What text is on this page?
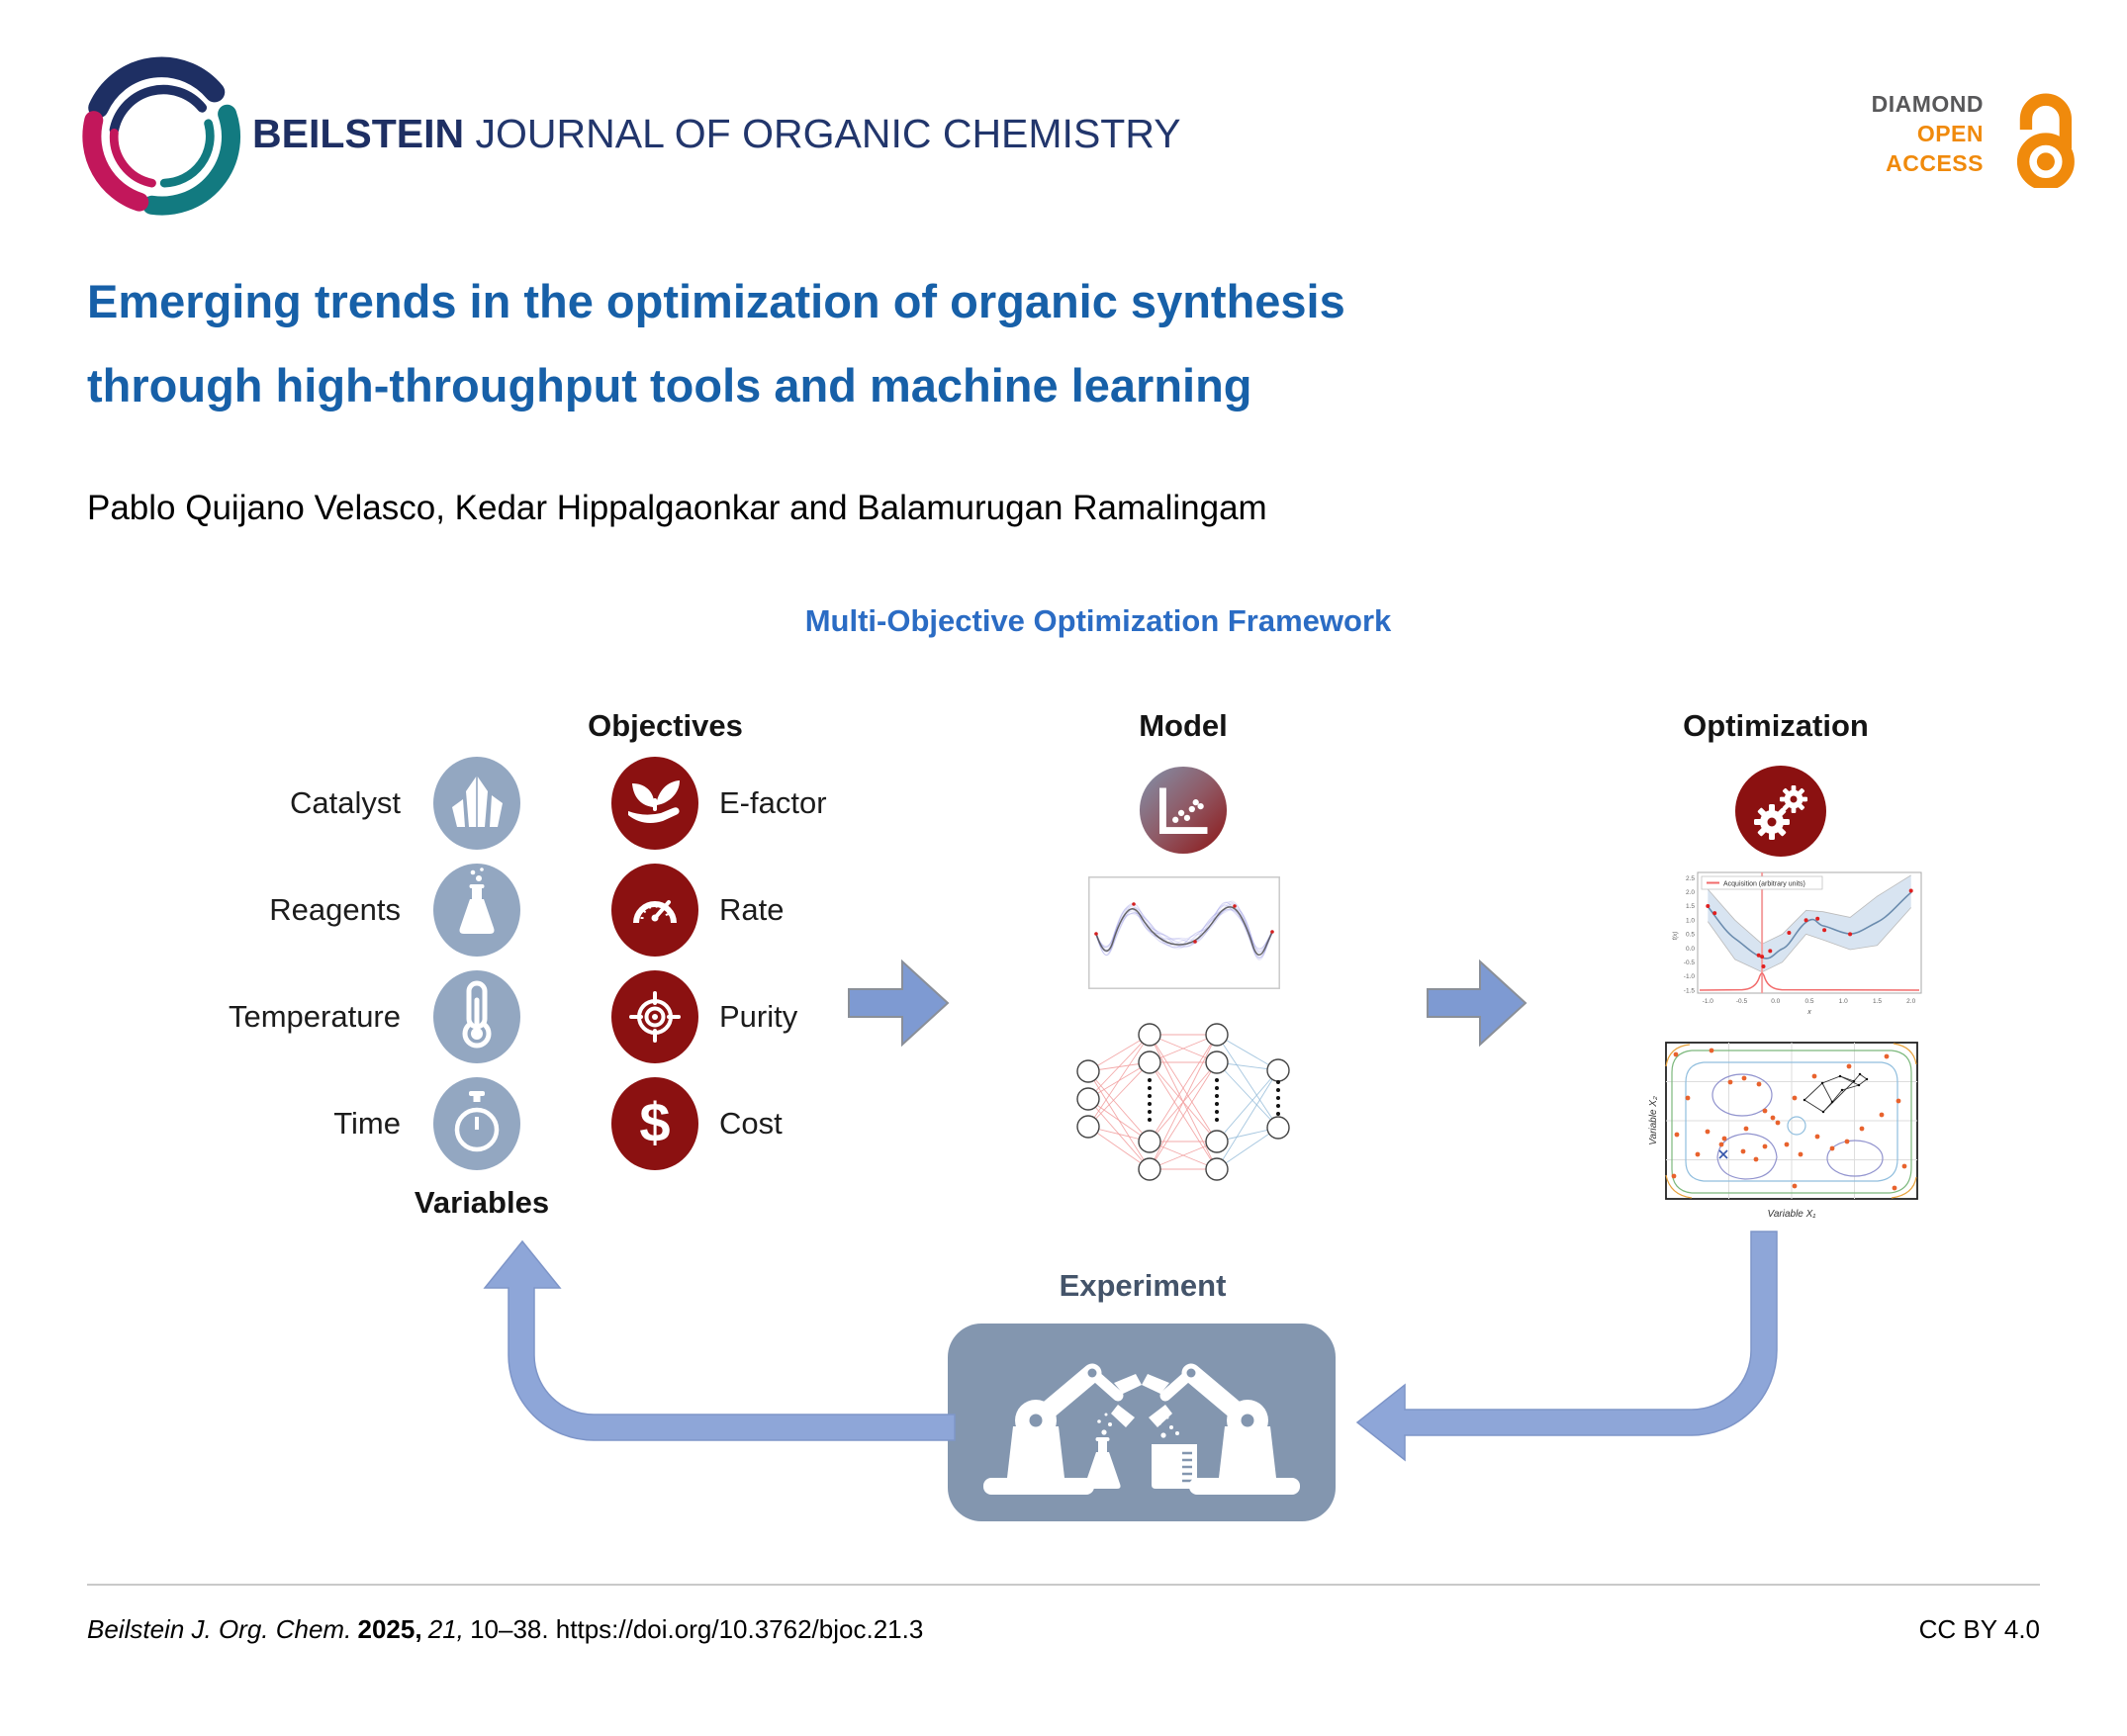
BEILSTEIN JOURNAL OF ORGANIC CHEMISTRY
DIAMOND
OPEN
ACCESS
Emerging trends in the optimization of organic synthesis
through high-throughput tools and machine learning
Pablo Quijano Velasco, Kedar Hippalgaonkar and Balamurugan Ramalingam
Multi-Objective Optimization Framework
Objectives	Model	Optimization
Catalyst	E-factor
Reagents	Rate
Temperature	Purity
Time	$ Cost
Variables
Acquisition (arbitrary units)
2.5
2.0
1.5
1.0
0.5
0.0
-0.5
-1.0
-1.5
-1.0	-0.5	0.0	0.5	1.0	1.5	2.0
x
f(x)
Variable X₁
Variable X₂
Experiment
Beilstein J. Org. Chem. 2025, 21, 10–38. https://doi.org/10.3762/bjoc.21.3	CC BY 4.0
